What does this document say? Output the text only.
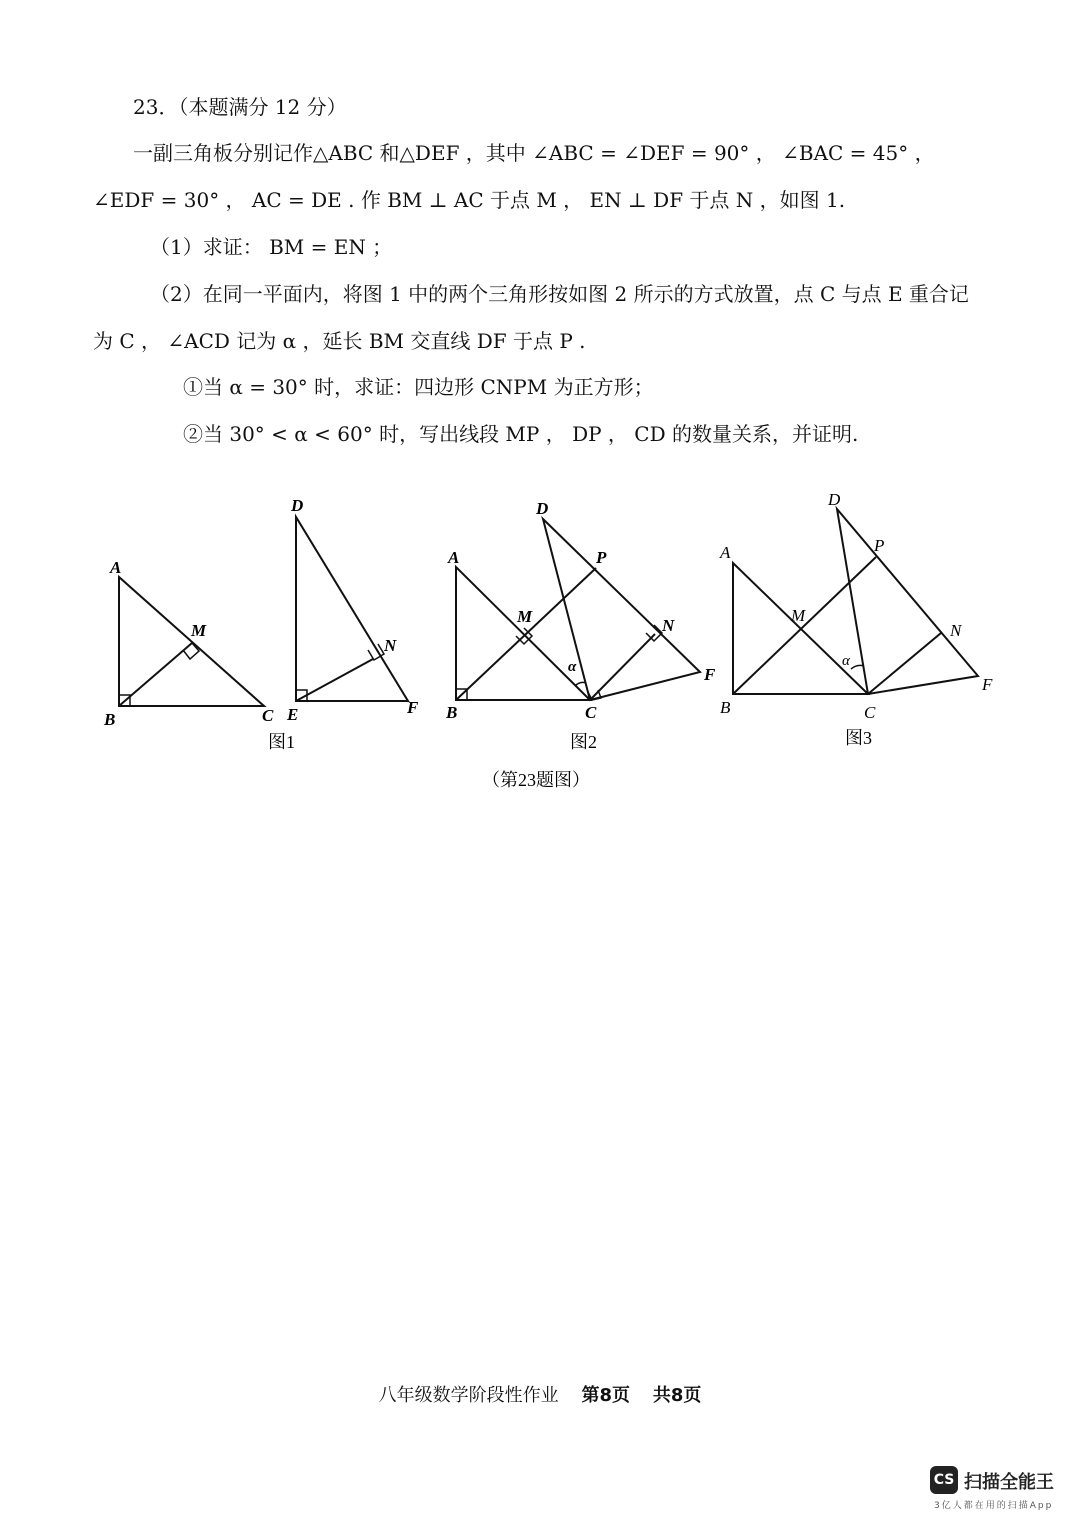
23．（本题满分 12 分）
一副三角板分别记作△ABC 和△DEF ，其中 ∠ABC = ∠DEF = 90° ， ∠BAC = 45° ，
∠EDF = 30° ， AC = DE . 作 BM ⊥ AC 于点 M ， EN ⊥ DF 于点 N ，如图 1.
（1）求证： BM = EN ；
（2）在同一平面内，将图 1 中的两个三角形按如图 2 所示的方式放置，点 C 与点 E 重合记
为 C ， ∠ACD 记为 α ，延长 BM 交直线 DF 于点 P .
①当 α = 30° 时，求证：四边形 CNPM 为正方形；
②当 30° < α < 60° 时，写出线段 MP ， DP ， CD 的数量关系，并证明.
A
B	C
M
D
E	F
N
图1
A
B	C
D
F
M	N
P
α
图2
A
B	C
D
F
M
N
P
α
图3
（第23题图）
八年级数学阶段性作业 第8页 共8页
CS 扫描全能王
3亿人都在用的扫描App
